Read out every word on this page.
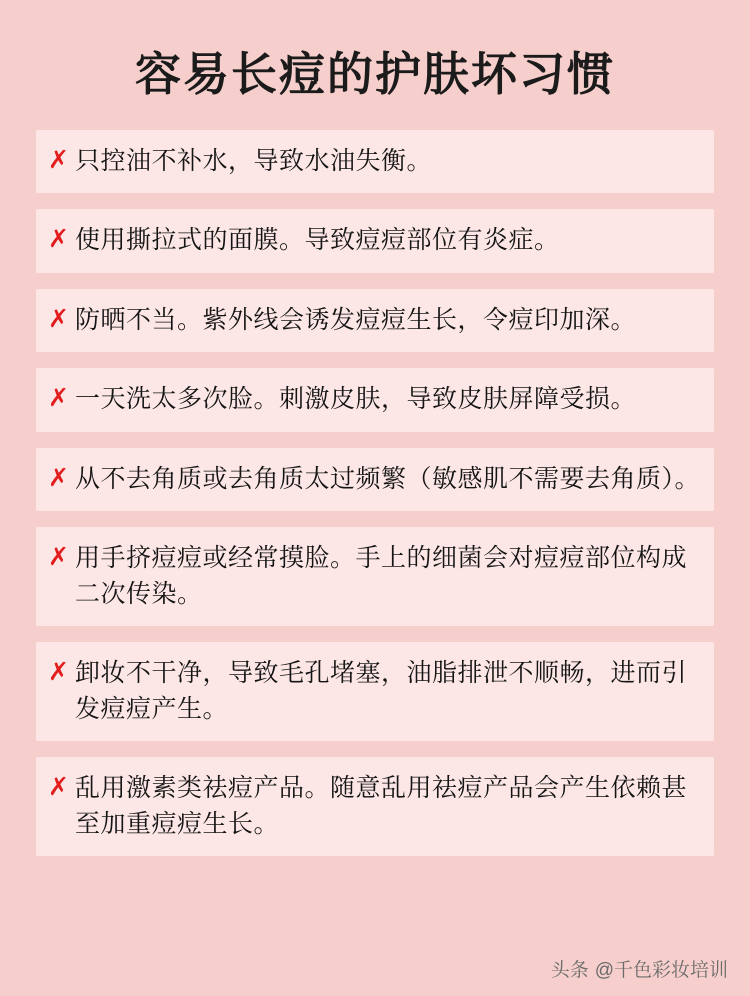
容易长痘的护肤坏习惯
✗ 只控油不补水，导致水油失衡。
✗ 使用撕拉式的面膜。导致痘痘部位有炎症。
✗ 防晒不当。紫外线会诱发痘痘生长，令痘印加深。
✗ 一天洗太多次脸。刺激皮肤，导致皮肤屏障受损。
✗ 从不去角质或去角质太过频繁（敏感肌不需要去角质）。
✗ 用手挤痘痘或经常摸脸。手上的细菌会对痘痘部位构成二次传染。
✗ 卸妆不干净，导致毛孔堵塞，油脂排泄不顺畅，进而引发痘痘产生。
✗ 乱用激素类祛痘产品。随意乱用祛痘产品会产生依赖甚至加重痘痘生长。
头条 @千色彩妆培训
